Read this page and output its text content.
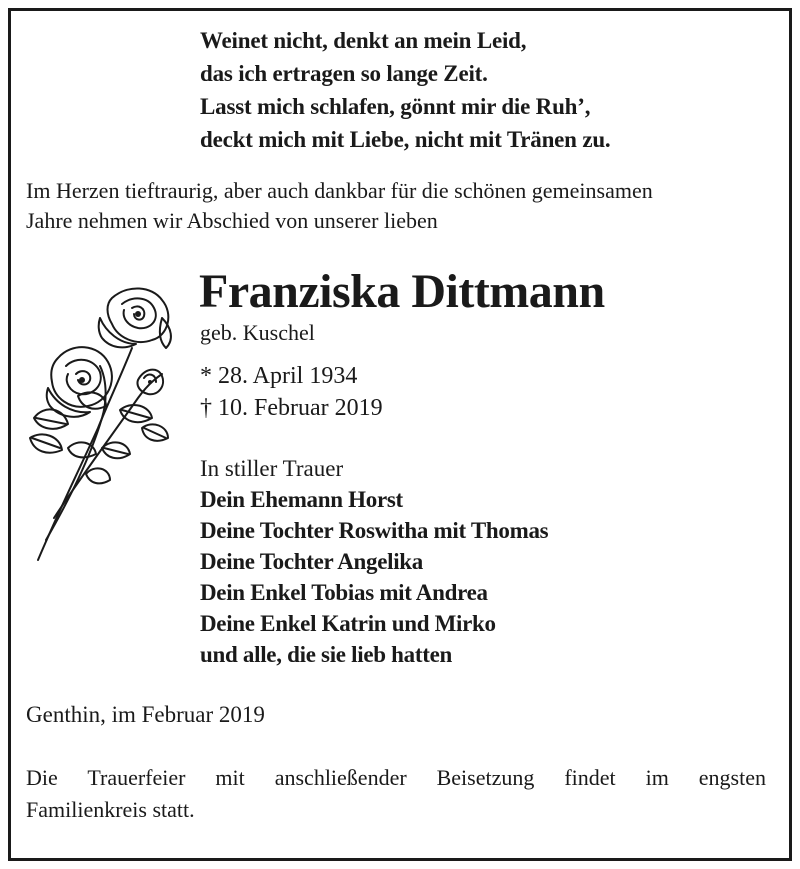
Weinet nicht, denkt an mein Leid,
das ich ertragen so lange Zeit.
Lasst mich schlafen, gönnt mir die Ruh’,
deckt mich mit Liebe, nicht mit Tränen zu.
Im Herzen tieftraurig, aber auch dankbar für die schönen gemeinsamen
Jahre nehmen wir Abschied von unserer lieben
Franziska Dittmann
geb. Kuschel
* 28. April 1934
† 10. Februar 2019
In stiller Trauer
Dein Ehemann Horst
Deine Tochter Roswitha mit Thomas
Deine Tochter Angelika
Dein Enkel Tobias mit Andrea
Deine Enkel Katrin und Mirko
und alle, die sie lieb hatten
Genthin, im Februar 2019
Die Trauerfeier mit anschließender Beisetzung findet im engsten
Familienkreis statt.
